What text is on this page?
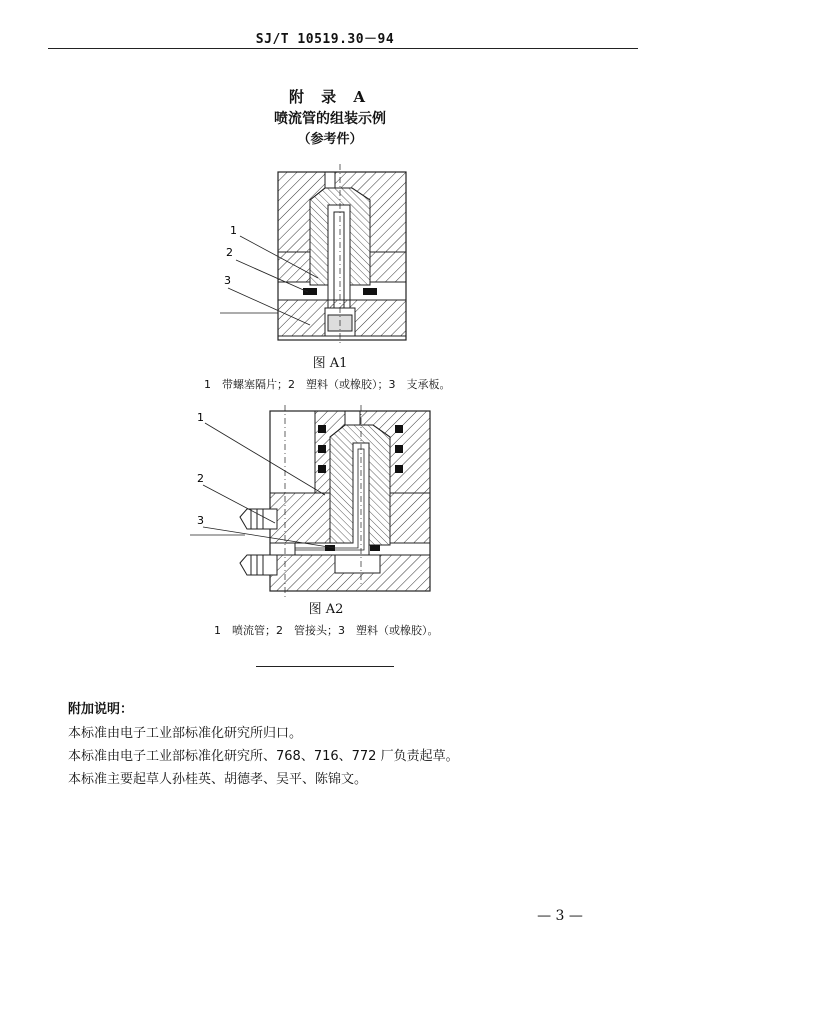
SJ/T 10519.30－94
附 录 A
喷流管的组装示例
（参考件）
1
2
3
图 A1
1　带螺塞隔片；2　塑料（或橡胶）；3　支承板。
1
2
3
图 A2
1　喷流管；2　管接头；3　塑料（或橡胶）。
附加说明：
本标准由电子工业部标准化研究所归口。
本标准由电子工业部标准化研究所、768、716、772 厂负责起草。
本标准主要起草人孙桂英、胡德孝、吴平、陈锦文。
— 3 —
